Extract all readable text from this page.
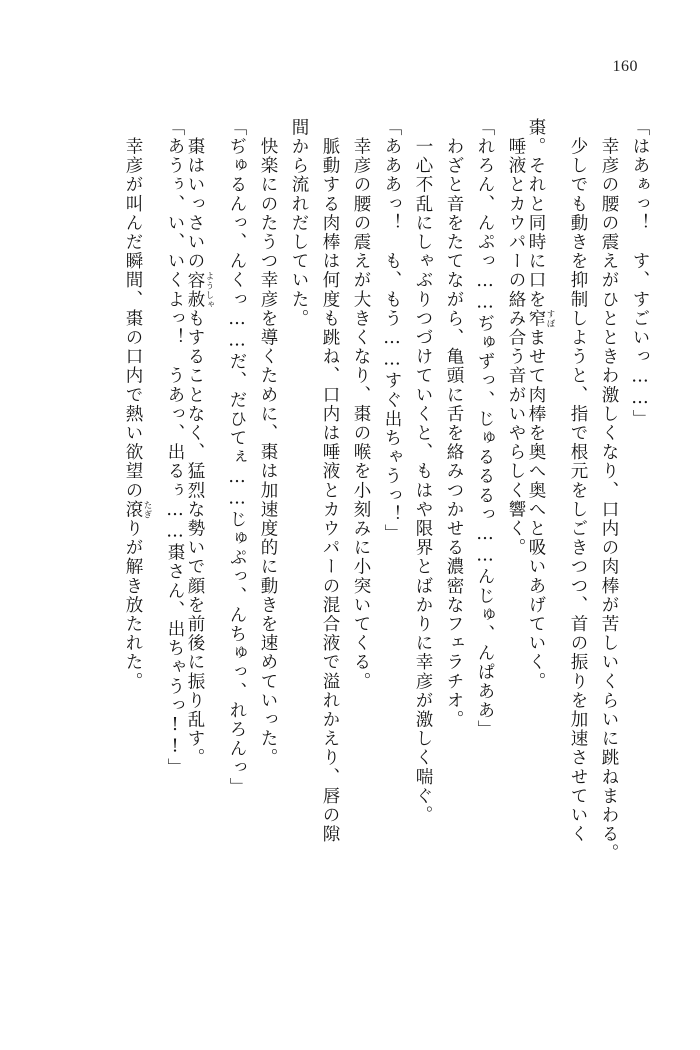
160
「はあぁっ！　す、すごいっ……」
　幸彦の腰の震えがひとときわ激しくなり、口内の肉棒が苦しいくらいに跳ねまわる。
　少しでも動きを抑制しようと、指で根元をしごきつつ、首の振りを加速させていく
棗。それと同時に口を窄 すぼませて肉棒を奥へ奥へと吸いあげていく。
　唾液とカウパーの絡み合う音がいやらしく響く。
「れろん、んぷっ……ぢゅずっ、じゅるるるっ……んじゅ、んぱああ」
　わざと音をたてながら、亀頭に舌を絡みつかせる濃密なフェラチオ。
　一心不乱にしゃぶりつづけていくと、もはや限界とばかりに幸彦が激しく喘ぐ。
「あああっ！　も、もう……すぐ出ちゃうっ！」
　幸彦の腰の震えが大きくなり、棗の喉を小刻みに小突いてくる。
　脈動する肉棒は何度も跳ね、口内は唾液とカウパーの混合液で溢れかえり、唇の隙
間から流れだしていた。
　快楽にのたうつ幸彦を導くために、棗は加速度的に動きを速めていった。
「ぢゅるんっ、んくっ……だ、だひてぇ……じゅぷっ、んちゅっ、れろんっ」
　棗はいっさいの容赦 ようしゃもすることなく、猛烈な勢いで顔を前後に振り乱す。
「あうぅ、い、いくよっ！　うあっ、出るぅ……棗さん、出ちゃうっ!!」
　幸彦が叫んだ瞬間、棗の口内で熱い欲望の滾 たぎりが解き放たれた。
